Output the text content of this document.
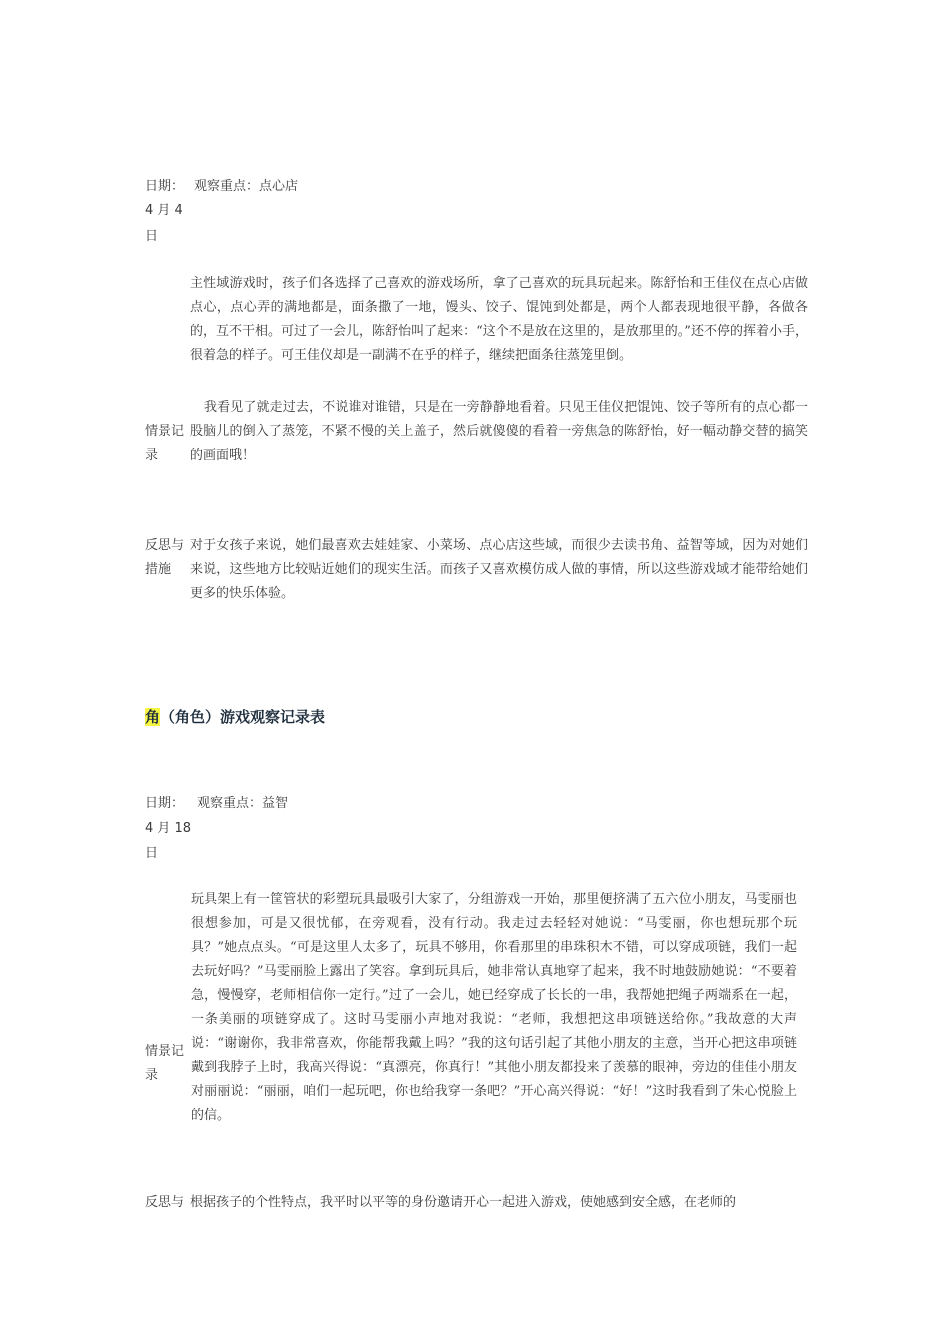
日期： 观察重点：点心店
4 月 4
日
情景记录
主性域游戏时，孩子们各选择了己喜欢的游戏场所，拿了己喜欢的玩具玩起来。陈舒怡和王佳仪在点心店做点心，点心弄的满地都是，面条撒了一地，馒头、饺子、馄饨到处都是，两个人都表现地很平静，各做各的，互不干相。可过了一会儿，陈舒怡叫了起来：“这个不是放在这里的，是放那里的。”还不停的挥着小手，很着急的样子。可王佳仪却是一副满不在乎的样子，继续把面条往蒸笼里倒。
我看见了就走过去，不说谁对谁错，只是在一旁静静地看着。只见王佳仪把馄饨、饺子等所有的点心都一股脑儿的倒入了蒸笼，不紧不慢的关上盖子，然后就傻傻的看着一旁焦急的陈舒怡，好一幅动静交替的搞笑的画面哦！
反思与措施
对于女孩子来说，她们最喜欢去娃娃家、小菜场、点心店这些域，而很少去读书角、益智等域，因为对她们来说，这些地方比较贴近她们的现实生活。而孩子又喜欢模仿成人做的事情，所以这些游戏域才能带给她们更多的快乐体验。
角（角色）游戏观察记录表
日期： 观察重点：益智
4 月 18
日
情景记录
玩具架上有一筐管状的彩塑玩具最吸引大家了，分组游戏一开始，那里便挤满了五六位小朋友，马雯丽也很想参加，可是又很忧郁，在旁观看，没有行动。我走过去轻轻对她说：“马雯丽，你也想玩那个玩具？”她点点头。“可是这里人太多了，玩具不够用，你看那里的串珠积木不错，可以穿成项链，我们一起去玩好吗？”马雯丽脸上露出了笑容。拿到玩具后，她非常认真地穿了起来，我不时地鼓励她说：“不要着急，慢慢穿，老师相信你一定行。”过了一会儿，她已经穿成了长长的一串，我帮她把绳子两端系在一起，一条美丽的项链穿成了。这时马雯丽小声地对我说：“老师，我想把这串项链送给你。”我故意的大声说：“谢谢你，我非常喜欢，你能帮我戴上吗？”我的这句话引起了其他小朋友的主意，当开心把这串项链戴到我脖子上时，我高兴得说：“真漂亮，你真行！”其他小朋友都投来了羡慕的眼神，旁边的佳佳小朋友对丽丽说：“丽丽，咱们一起玩吧，你也给我穿一条吧？”开心高兴得说：“好！”这时我看到了朱心悦脸上的信。
反思与 根据孩子的个性特点，我平时以平等的身份邀请开心一起进入游戏，使她感到安全感，在老师的
